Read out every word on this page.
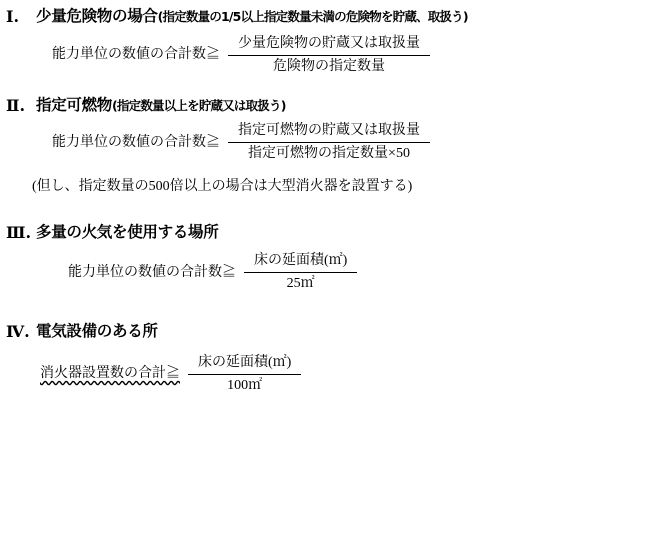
I.	少量危険物の場合(指定数量の1/5以上指定数量未満の危険物を貯蔵、取扱う)
能力単位の数値の合計数≧ $\frac{\text{少量危険物の貯蔵又は取扱量}}{\text{危険物の指定数量}}$
Ⅱ. 指定可燃物(指定数量以上を貯蔵又は取扱う)
能力単位の数値の合計数≧ $\frac{\text{指定可燃物の貯蔵又は取扱量}}{\text{指定可燃物の指定数量×50}}$
(但し、指定数量の500倍以上の場合は大型消火器を設置する)
Ⅲ. 多量の火気を使用する場所
能力単位の数値の合計数≧ $\frac{\text{床の延面積(㎡)}}{25㎡}$
Ⅳ. 電気設備のある所
消火器設置数の合計≧ $\frac{\text{床の延面積(㎡)}}{100㎡}$
